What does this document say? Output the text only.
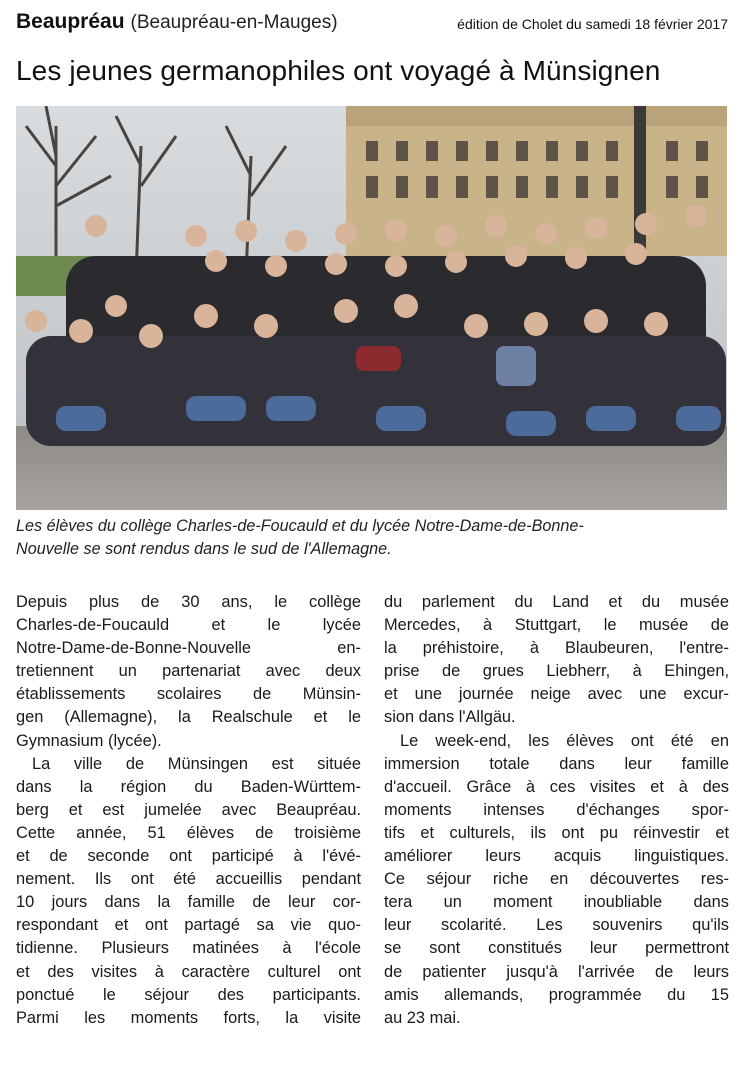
Beaupréau (Beaupréau-en-Mauges)	édition de Cholet du samedi 18 février 2017
Les jeunes germanophiles ont voyagé à Münsignen

Les élèves du collège Charles-de-Foucauld et du lycée Notre-Dame-de-Bonne-

Nouvelle se sont rendus dans le sud de l'Allemagne.

Depuis plus de 30 ans, le collège
Charles-de-Foucauld et le lycée
Notre-Dame-de-Bonne-Nouvelle en-
tretiennent un partenariat avec deux
établissements scolaires de Münsin-
gen (Allemagne), la Realschule et le
Gymnasium (lycée).
La ville de Münsingen est située
dans la région du Baden-Württem-
berg et est jumelée avec Beaupréau.
Cette année, 51 élèves de troisième
et de seconde ont participé à l'évé-
nement. Ils ont été accueillis pendant
10 jours dans la famille de leur cor-
respondant et ont partagé sa vie quo-
tidienne. Plusieurs matinées à l'école
et des visites à caractère culturel ont
ponctué le séjour des participants.
Parmi les moments forts, la visite
du parlement du Land et du musée
Mercedes, à Stuttgart, le musée de
la préhistoire, à Blaubeuren, l'entre-
prise de grues Liebherr, à Ehingen,
et une journée neige avec une excur-
sion dans l'Allgäu.
Le week-end, les élèves ont été en
immersion totale dans leur famille
d'accueil. Grâce à ces visites et à des
moments intenses d'échanges spor-
tifs et culturels, ils ont pu réinvestir et
améliorer leurs acquis linguistiques.
Ce séjour riche en découvertes res-
tera un moment inoubliable dans
leur scolarité. Les souvenirs qu'ils
se sont constitués leur permettront
de patienter jusqu'à l'arrivée de leurs
amis allemands, programmée du 15
au 23 mai.
